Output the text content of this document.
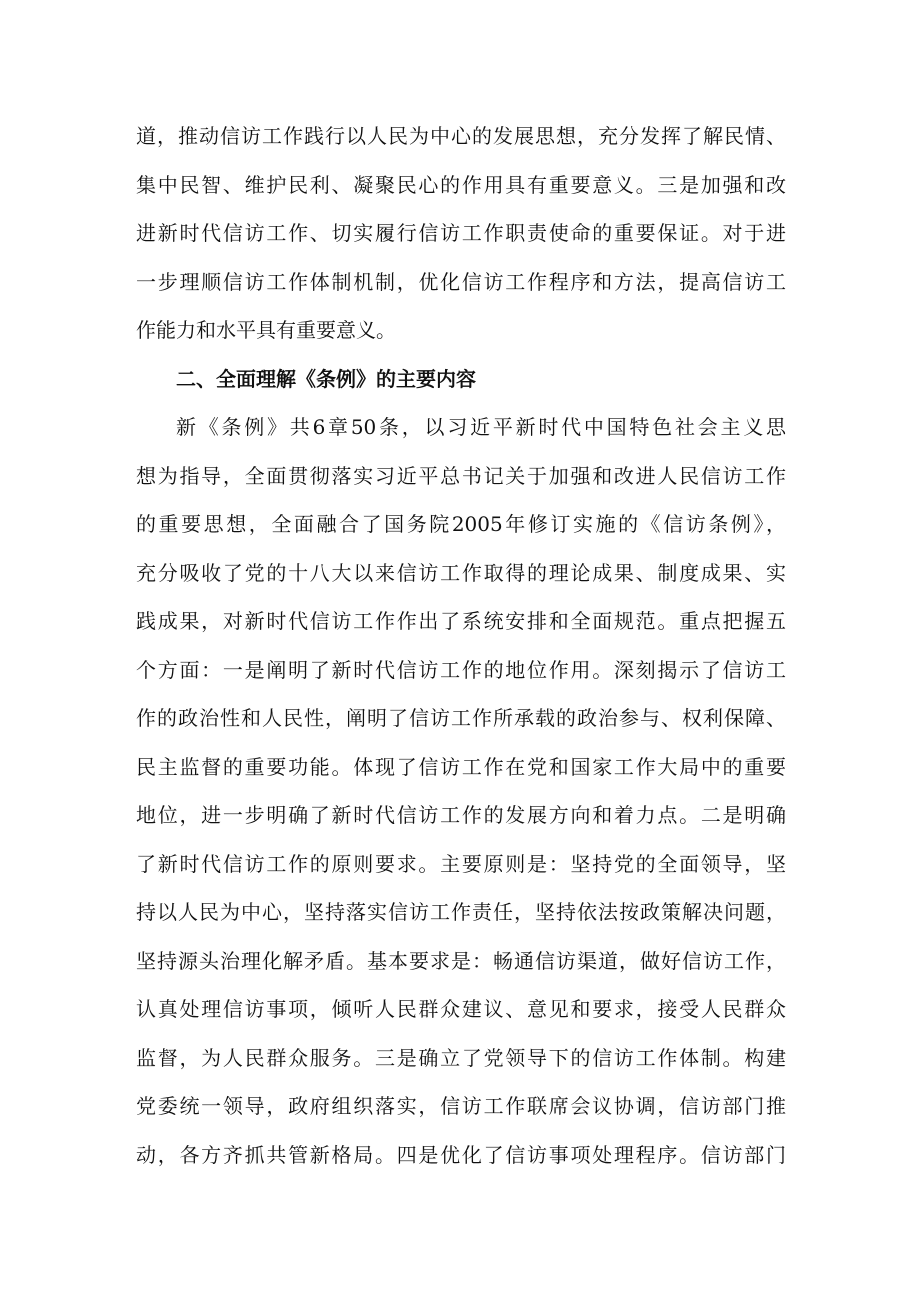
道，推动信访工作践行以人民为中心的发展思想，充分发挥了解民情、
集中民智、维护民利、凝聚民心的作用具有重要意义。三是加强和改
进新时代信访工作、切实履行信访工作职责使命的重要保证。对于进
一步理顺信访工作体制机制，优化信访工作程序和方法，提高信访工
作能力和水平具有重要意义。
二、全面理解《条例》的主要内容
新《条例》共6章50条，以习近平新时代中国特色社会主义思
想为指导，全面贯彻落实习近平总书记关于加强和改进人民信访工作
的重要思想，全面融合了国务院2005年修订实施的《信访条例》，
充分吸收了党的十八大以来信访工作取得的理论成果、制度成果、实
践成果，对新时代信访工作作出了系统安排和全面规范。重点把握五
个方面：一是阐明了新时代信访工作的地位作用。深刻揭示了信访工
作的政治性和人民性，阐明了信访工作所承载的政治参与、权利保障、
民主监督的重要功能。体现了信访工作在党和国家工作大局中的重要
地位，进一步明确了新时代信访工作的发展方向和着力点。二是明确
了新时代信访工作的原则要求。主要原则是：坚持党的全面领导，坚
持以人民为中心，坚持落实信访工作责任，坚持依法按政策解决问题，
坚持源头治理化解矛盾。基本要求是：畅通信访渠道，做好信访工作，
认真处理信访事项，倾听人民群众建议、意见和要求，接受人民群众
监督，为人民群众服务。三是确立了党领导下的信访工作体制。构建
党委统一领导，政府组织落实，信访工作联席会议协调，信访部门推
动，各方齐抓共管新格局。四是优化了信访事项处理程序。信访部门
